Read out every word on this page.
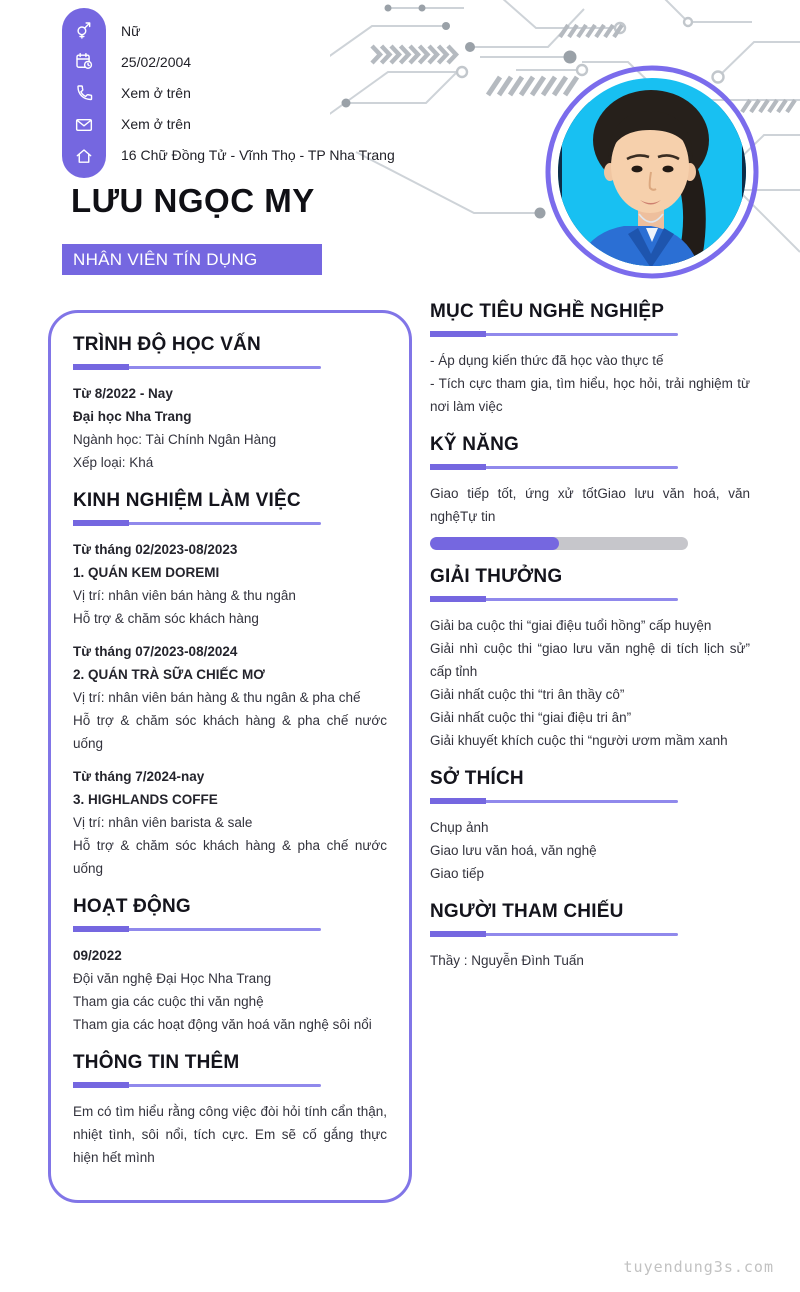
Nữ
25/02/2004
Xem ở trên
Xem ở trên
16 Chữ Đồng Tử - Vĩnh Thọ - TP Nha Trang
LƯU NGỌC MY
NHÂN VIÊN TÍN DỤNG
TRÌNH ĐỘ HỌC VẤN

Từ 8/2022 - Nay

Đại học Nha Trang

Ngành học: Tài Chính Ngân Hàng

Xếp loại: Khá

KINH NGHIỆM LÀM VIỆC

Từ tháng 02/2023-08/2023

1. QUÁN KEM DOREMI

Vị trí: nhân viên bán hàng & thu ngân

Hỗ trợ & chăm sóc khách hàng

Từ tháng 07/2023-08/2024

2. QUÁN TRÀ SỮA CHIẾC MƠ

Vị trí: nhân viên bán hàng & thu ngân & pha chế

Hỗ trợ & chăm sóc khách hàng & pha chế nước uống

Từ tháng 7/2024-nay

3. HIGHLANDS COFFE

Vị trí: nhân viên barista & sale

Hỗ trợ & chăm sóc khách hàng & pha chế nước uống

HOẠT ĐỘNG

09/2022

Đội văn nghệ Đại Học Nha Trang

Tham gia các cuộc thi văn nghệ

Tham gia các hoạt động văn hoá văn nghệ sôi nổi

THÔNG TIN THÊM

Em có tìm hiểu rằng công việc đòi hỏi tính cẩn thận, nhiệt tình, sôi nổi, tích cực. Em sẽ cố gắng thực hiện hết mình

MỤC TIÊU NGHỀ NGHIỆP

- Áp dụng kiến thức đã học vào thực tế

- Tích cực tham gia, tìm hiểu, học hỏi, trải nghiệm từ nơi làm việc

KỸ NĂNG

Giao tiếp tốt, ứng xử tốtGiao lưu văn hoá, văn nghệTự tin

GIẢI THƯỞNG

Giải ba cuộc thi “giai điệu tuổi hồng” cấp huyện

Giải nhì cuộc thi “giao lưu văn nghệ di tích lịch sử” cấp tỉnh

Giải nhất cuộc thi “tri ân thầy cô”

Giải nhất cuộc thi “giai điệu tri ân”

Giải khuyết khích cuộc thi “người ươm mầm xanh

SỞ THÍCH

Chụp ảnh

Giao lưu văn hoá, văn nghệ

Giao tiếp

NGƯỜI THAM CHIẾU

Thầy : Nguyễn Đình Tuấn

tuyendung3s.com
